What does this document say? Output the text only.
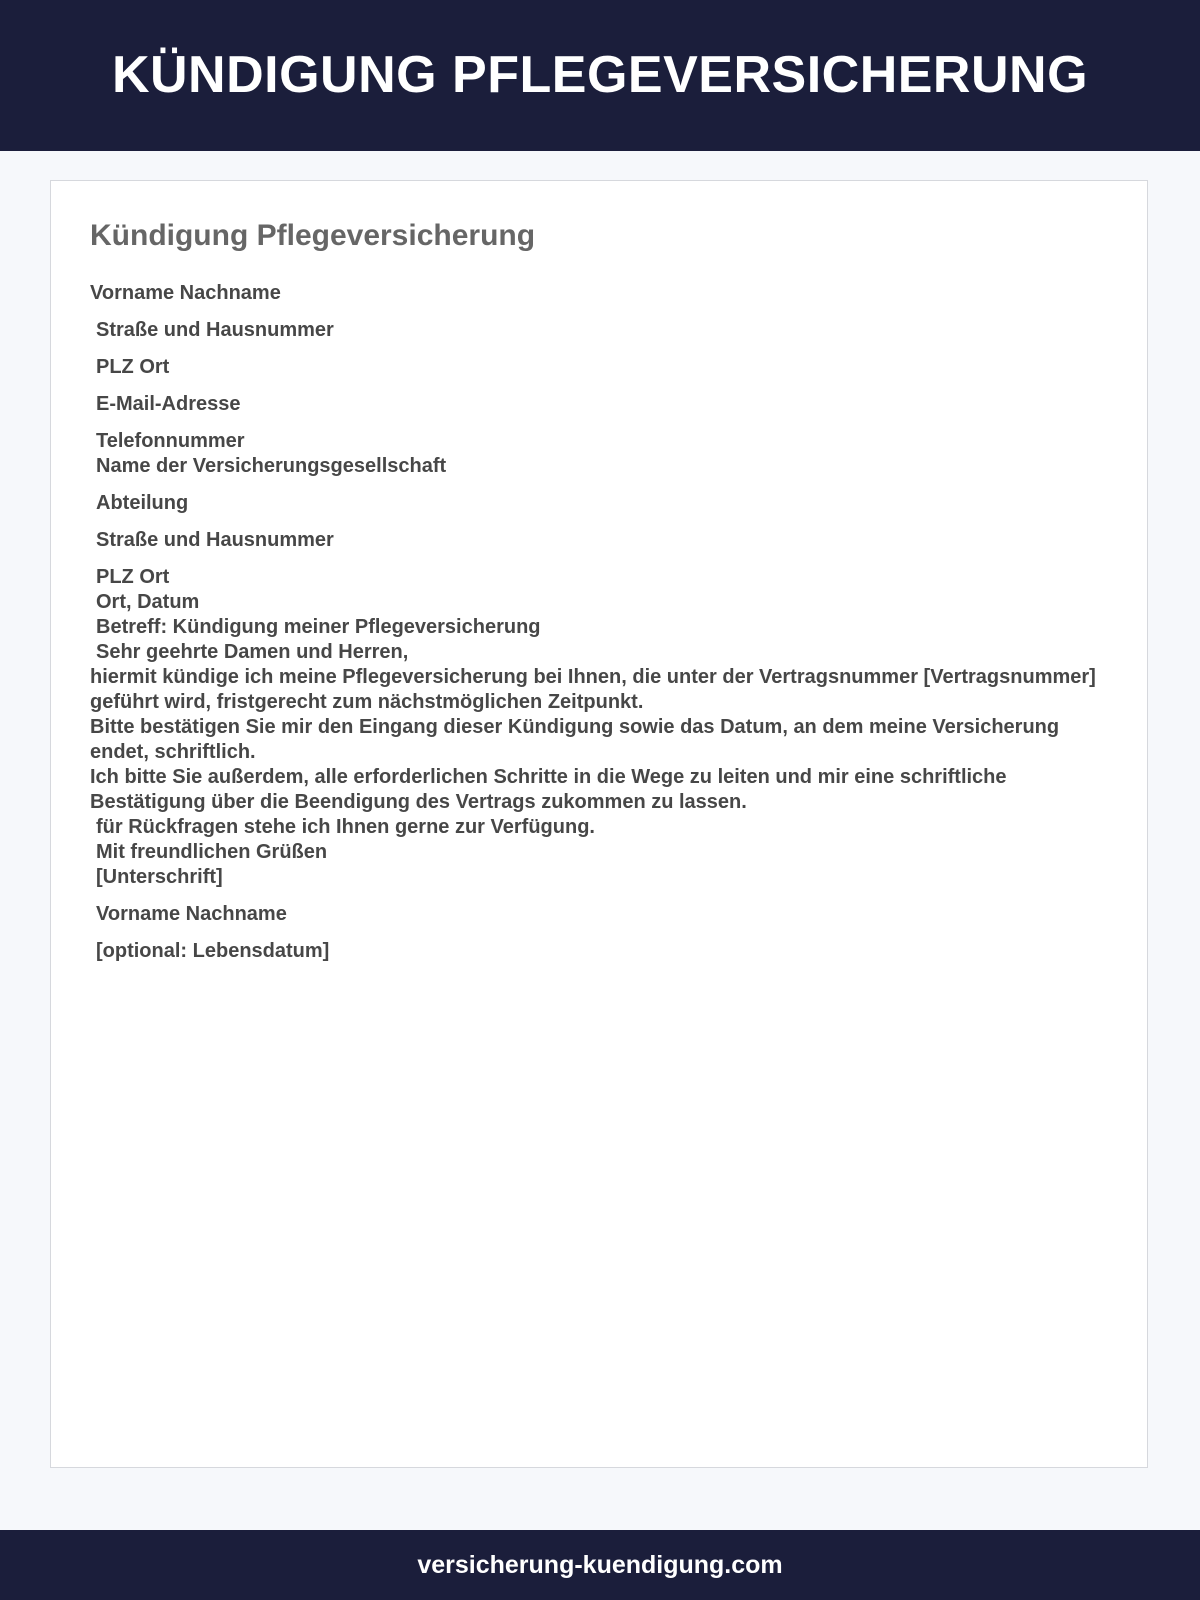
KÜNDIGUNG PFLEGEVERSICHERUNG
Kündigung Pflegeversicherung
Vorname Nachname
Straße und Hausnummer
PLZ Ort
E-Mail-Adresse
Telefonnummer
Name der Versicherungsgesellschaft
Abteilung
Straße und Hausnummer
PLZ Ort
Ort, Datum
Betreff: Kündigung meiner Pflegeversicherung
Sehr geehrte Damen und Herren,
hiermit kündige ich meine Pflegeversicherung bei Ihnen, die unter der Vertragsnummer [Vertragsnummer] geführt wird, fristgerecht zum nächstmöglichen Zeitpunkt.
Bitte bestätigen Sie mir den Eingang dieser Kündigung sowie das Datum, an dem meine Versicherung endet, schriftlich.
Ich bitte Sie außerdem, alle erforderlichen Schritte in die Wege zu leiten und mir eine schriftliche Bestätigung über die Beendigung des Vertrags zukommen zu lassen.
für Rückfragen stehe ich Ihnen gerne zur Verfügung.
Mit freundlichen Grüßen
[Unterschrift]
Vorname Nachname
[optional: Lebensdatum]
versicherung-kuendigung.com
